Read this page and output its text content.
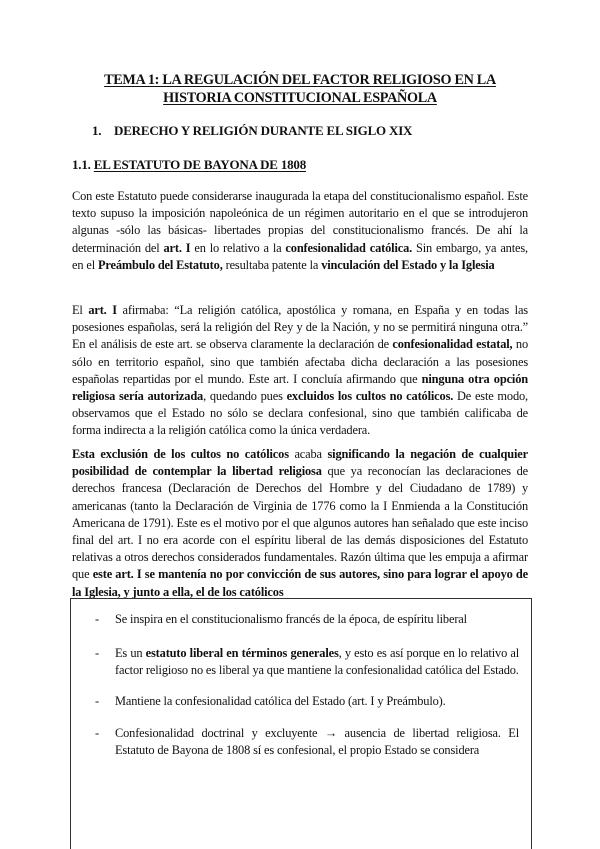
TEMA 1: LA REGULACIÓN DEL FACTOR RELIGIOSO EN LA
HISTORIA CONSTITUCIONAL ESPAÑOLA
1. DERECHO Y RELIGIÓN DURANTE EL SIGLO XIX
1.1. EL ESTATUTO DE BAYONA DE 1808
Con este Estatuto puede considerarse inaugurada la etapa del constitucionalismo español. Este texto supuso la imposición napoleónica de un régimen autoritario en el que se introdujeron algunas -sólo las básicas- libertades propias del constitucionalismo francés. De ahí la determinación del art. I en lo relativo a la confesionalidad católica. Sin embargo, ya antes, en el Preámbulo del Estatuto, resultaba patente la vinculación del Estado y la Iglesia
El art. I afirmaba: “La religión católica, apostólica y romana, en España y en todas las posesiones españolas, será la religión del Rey y de la Nación, y no se permitirá ninguna otra.” En el análisis de este art. se observa claramente la declaración de confesionalidad estatal, no sólo en territorio español, sino que también afectaba dicha declaración a las posesiones españolas repartidas por el mundo. Este art. I concluía afirmando que ninguna otra opción religiosa sería autorizada, quedando pues excluidos los cultos no católicos. De este modo, observamos que el Estado no sólo se declara confesional, sino que también calificaba de forma indirecta a la religión católica como la única verdadera.
Esta exclusión de los cultos no católicos acaba significando la negación de cualquier posibilidad de contemplar la libertad religiosa que ya reconocían las declaraciones de derechos francesa (Declaración de Derechos del Hombre y del Ciudadano de 1789) y americanas (tanto la Declaración de Virginia de 1776 como la I Enmienda a la Constitución Americana de 1791). Este es el motivo por el que algunos autores han señalado que este inciso final del art. I no era acorde con el espíritu liberal de las demás disposiciones del Estatuto relativas a otros derechos considerados fundamentales. Razón última que les empuja a afirmar que este art. I se mantenía no por convicción de sus autores, sino para lograr el apoyo de la Iglesia, y junto a ella, el de los católicos
- Se inspira en el constitucionalismo francés de la época, de espíritu liberal
- Es un estatuto liberal en términos generales, y esto es así porque en lo relativo al factor religioso no es liberal ya que mantiene la confesionalidad católica del Estado.
- Mantiene la confesionalidad católica del Estado (art. I y Preámbulo).
- Confesionalidad doctrinal y excluyente → ausencia de libertad religiosa. El Estatuto de Bayona de 1808 sí es confesional, el propio Estado se considera
